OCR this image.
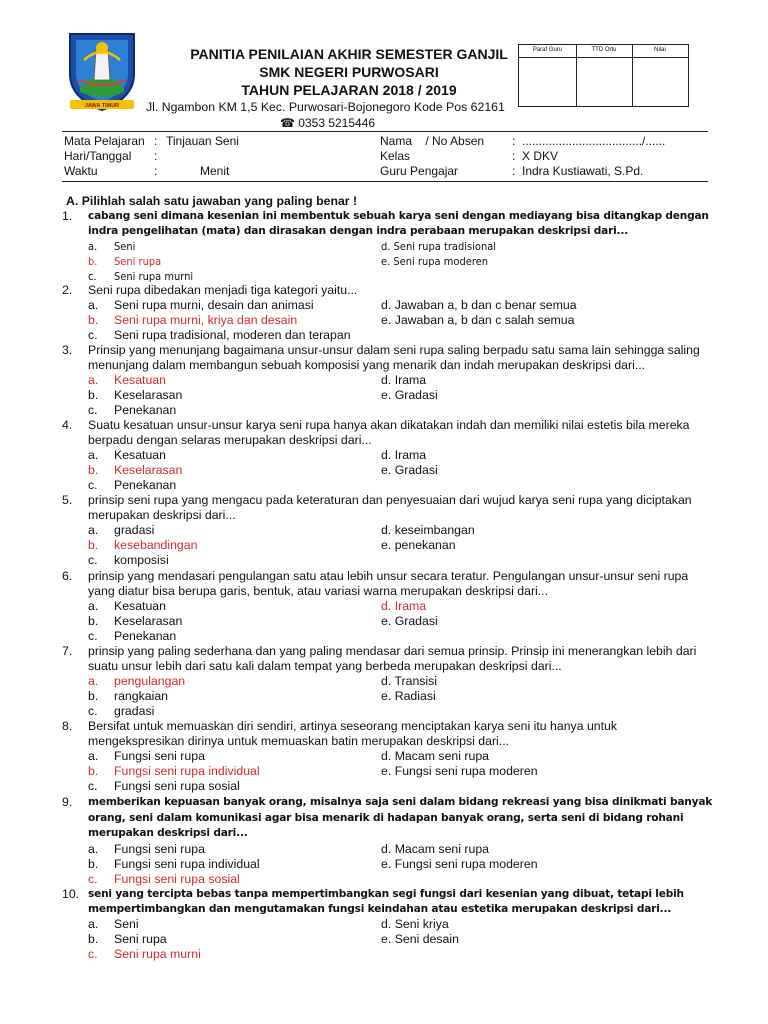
JAWA TIMUR
PANITIA PENILAIAN AKHIR SEMESTER GANJIL
SMK NEGERI PURWOSARI
TAHUN PELAJARAN 2018 / 2019
Jl. Ngambon KM 1,5 Kec. Purwosari-Bojonegoro Kode Pos 62161
☎ 0353 5215446
Paraf Guru	TTD Ortu	Nilai
Mata Pelajaran : Tinjauan Seni
Hari/Tanggal :
Waktu	:	Menit
Nama    / No Absen : ..................................../......
Kelas	: X DKV
Guru Pengajar	: Indra Kustiawati, S.Pd.
A. Pilihlah salah satu jawaban yang paling benar !
1. cabang seni dimana kesenian ini membentuk sebuah karya seni dengan mediayang bisa ditangkap dengan
indra pengelihatan (mata) dan dirasakan dengan indra perabaan merupakan deskripsi dari...
a. Seni
b. Seni rupa
c. Seni rupa murni
d. Seni rupa tradisional
e. Seni rupa moderen
2. Seni rupa dibedakan menjadi tiga kategori yaitu...
a. Seni rupa murni, desain dan animasi
b. Seni rupa murni, kriya dan desain
c. Seni rupa tradisional, moderen dan terapan
d. Jawaban a, b dan c benar semua
e. Jawaban a, b dan c salah semua
3. Prinsip yang menunjang bagaimana unsur-unsur dalam seni rupa saling berpadu satu sama lain sehingga saling
menunjang dalam membangun sebuah komposisi yang menarik dan indah merupakan deskripsi dari...
a. Kesatuan
b. Keselarasan
c. Penekanan
d. Irama
e. Gradasi
4. Suatu kesatuan unsur-unsur karya seni rupa hanya akan dikatakan indah dan memiliki nilai estetis bila mereka
berpadu dengan selaras merupakan deskripsi dari...
a. Kesatuan
b. Keselarasan
c. Penekanan
d. Irama
e. Gradasi
5. prinsip seni rupa yang mengacu pada keteraturan dan penyesuaian dari wujud karya seni rupa yang diciptakan
merupakan deskripsi dari...
a. gradasi
b. kesebandingan
c. komposisi
d. keseimbangan
e. penekanan
6. prinsip yang mendasari pengulangan satu atau lebih unsur secara teratur. Pengulangan unsur-unsur seni rupa
yang diatur bisa berupa garis, bentuk, atau variasi warna merupakan deskripsi dari...
a. Kesatuan
b. Keselarasan
c. Penekanan
d. Irama
e. Gradasi
7. prinsip yang paling sederhana dan yang paling mendasar dari semua prinsip. Prinsip ini menerangkan lebih dari
suatu unsur lebih dari satu kali dalam tempat yang berbeda merupakan deskripsi dari...
a. pengulangan
b. rangkaian
c. gradasi
d. Transisi
e. Radiasi
8. Bersifat untuk memuaskan diri sendiri, artinya seseorang menciptakan karya seni itu hanya untuk
mengekspresikan dirinya untuk memuaskan batin merupakan deskripsi dari...
a. Fungsi seni rupa
b. Fungsi seni rupa individual
c. Fungsi seni rupa sosial
d. Macam seni rupa
e. Fungsi seni rupa moderen
9. memberikan kepuasan banyak orang, misalnya saja seni dalam bidang rekreasi yang bisa dinikmati banyak
orang, seni dalam komunikasi agar bisa menarik di hadapan banyak orang, serta seni di bidang rohani
merupakan deskripsi dari...
a. Fungsi seni rupa
b. Fungsi seni rupa individual
c. Fungsi seni rupa sosial
d. Macam seni rupa
e. Fungsi seni rupa moderen
10. seni yang tercipta bebas tanpa mempertimbangkan segi fungsi dari kesenian yang dibuat, tetapi lebih
mempertimbangkan dan mengutamakan fungsi keindahan atau estetika merupakan deskripsi dari...
a. Seni
b. Seni rupa
c. Seni rupa murni
d. Seni kriya
e. Seni desain
